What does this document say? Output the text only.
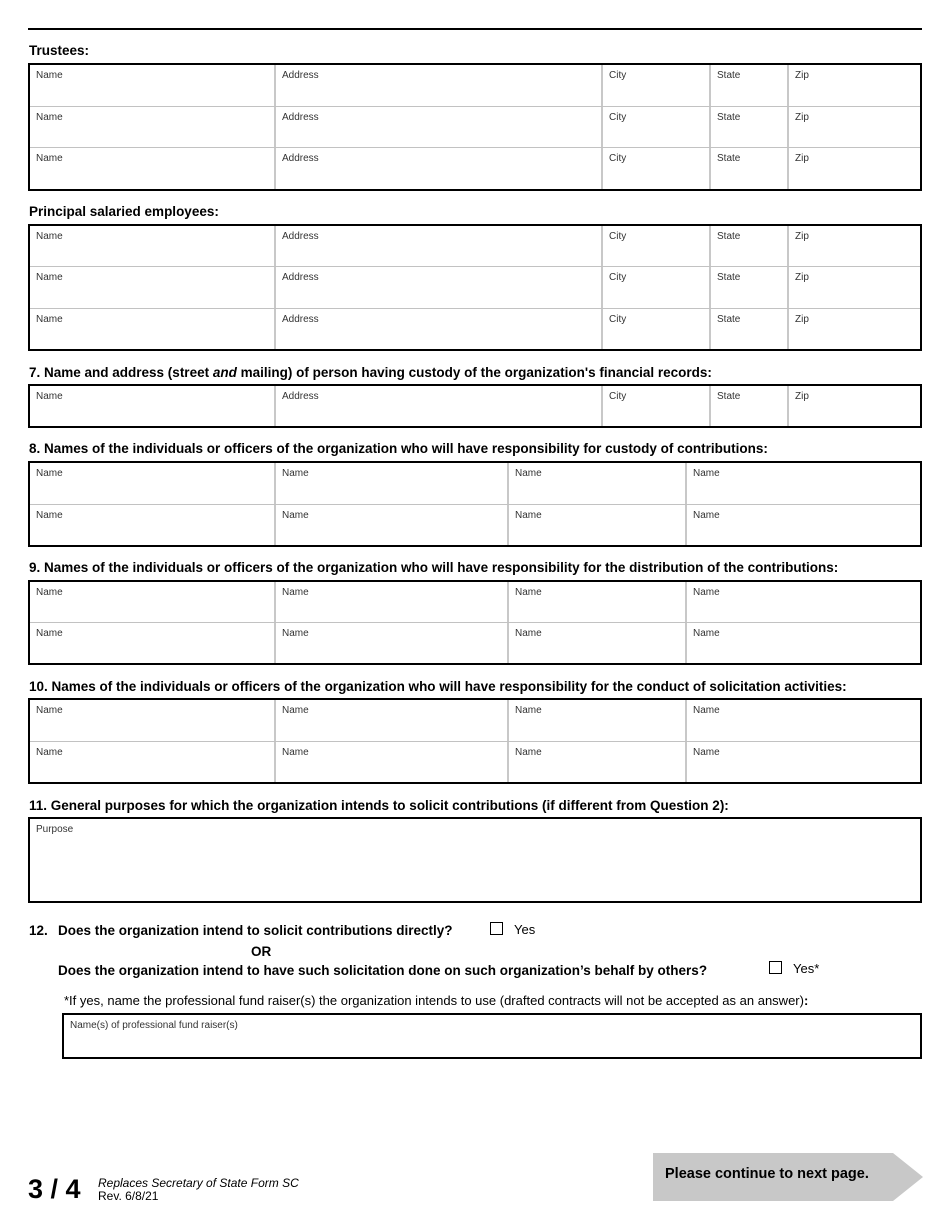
Trustees:
Name	Address	City	State	Zip
Name	Address	City	State	Zip
Name	Address	City	State	Zip
Principal salaried employees:
Name	Address	City	State	Zip
Name	Address	City	State	Zip
Name	Address	City	State	Zip
7. Name and address (street and mailing) of person having custody of the organization's financial records:
Name	Address	City	State	Zip
8. Names of the individuals or officers of the organization who will have responsibility for custody of contributions:
Name	Name	Name	Name
Name	Name	Name	Name
9. Names of the individuals or officers of the organization who will have responsibility for the distribution of the contributions:
Name	Name	Name	Name
Name	Name	Name	Name
10. Names of the individuals or officers of the organization who will have responsibility for the conduct of solicitation activities:
Name	Name	Name	Name
Name	Name	Name	Name
11. General purposes for which the organization intends to solicit contributions (if different from Question 2):
Purpose
12. Does the organization intend to solicit contributions directly?	Yes
OR
Does the organization intend to have such solicitation done on such organization’s behalf by others?	Yes*
*If yes, name the professional fund raiser(s) the organization intends to use (drafted contracts will not be accepted as an answer):
Name(s) of professional fund raiser(s)
3 / 4 Replaces Secretary of State Form SC
Rev. 6/8/21
Please continue to next page.
